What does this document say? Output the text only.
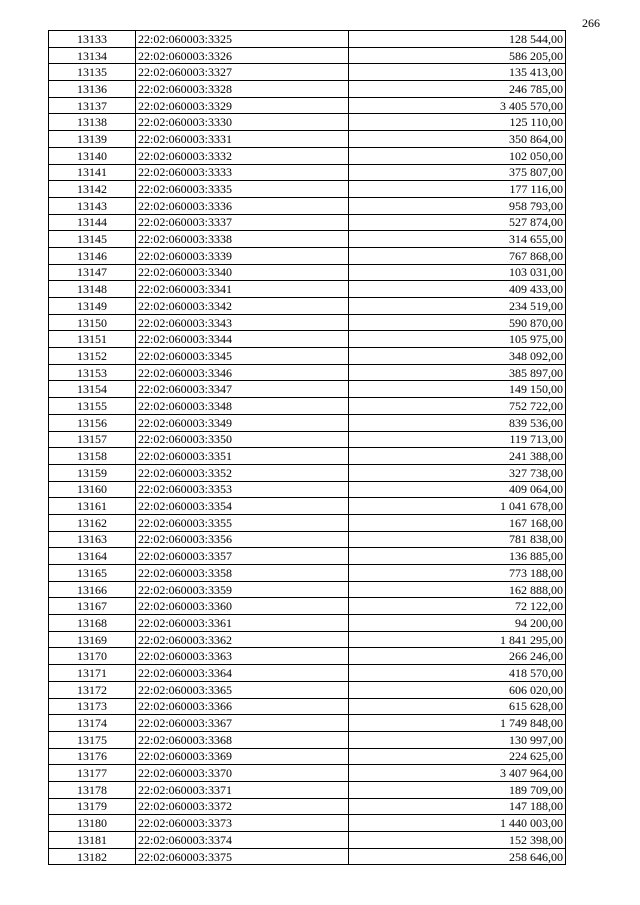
266
13133	22:02:060003:3325	128 544,00
13134	22:02:060003:3326	586 205,00
13135	22:02:060003:3327	135 413,00
13136	22:02:060003:3328	246 785,00
13137	22:02:060003:3329	3 405 570,00
13138	22:02:060003:3330	125 110,00
13139	22:02:060003:3331	350 864,00
13140	22:02:060003:3332	102 050,00
13141	22:02:060003:3333	375 807,00
13142	22:02:060003:3335	177 116,00
13143	22:02:060003:3336	958 793,00
13144	22:02:060003:3337	527 874,00
13145	22:02:060003:3338	314 655,00
13146	22:02:060003:3339	767 868,00
13147	22:02:060003:3340	103 031,00
13148	22:02:060003:3341	409 433,00
13149	22:02:060003:3342	234 519,00
13150	22:02:060003:3343	590 870,00
13151	22:02:060003:3344	105 975,00
13152	22:02:060003:3345	348 092,00
13153	22:02:060003:3346	385 897,00
13154	22:02:060003:3347	149 150,00
13155	22:02:060003:3348	752 722,00
13156	22:02:060003:3349	839 536,00
13157	22:02:060003:3350	119 713,00
13158	22:02:060003:3351	241 388,00
13159	22:02:060003:3352	327 738,00
13160	22:02:060003:3353	409 064,00
13161	22:02:060003:3354	1 041 678,00
13162	22:02:060003:3355	167 168,00
13163	22:02:060003:3356	781 838,00
13164	22:02:060003:3357	136 885,00
13165	22:02:060003:3358	773 188,00
13166	22:02:060003:3359	162 888,00
13167	22:02:060003:3360	72 122,00
13168	22:02:060003:3361	94 200,00
13169	22:02:060003:3362	1 841 295,00
13170	22:02:060003:3363	266 246,00
13171	22:02:060003:3364	418 570,00
13172	22:02:060003:3365	606 020,00
13173	22:02:060003:3366	615 628,00
13174	22:02:060003:3367	1 749 848,00
13175	22:02:060003:3368	130 997,00
13176	22:02:060003:3369	224 625,00
13177	22:02:060003:3370	3 407 964,00
13178	22:02:060003:3371	189 709,00
13179	22:02:060003:3372	147 188,00
13180	22:02:060003:3373	1 440 003,00
13181	22:02:060003:3374	152 398,00
13182	22:02:060003:3375	258 646,00
